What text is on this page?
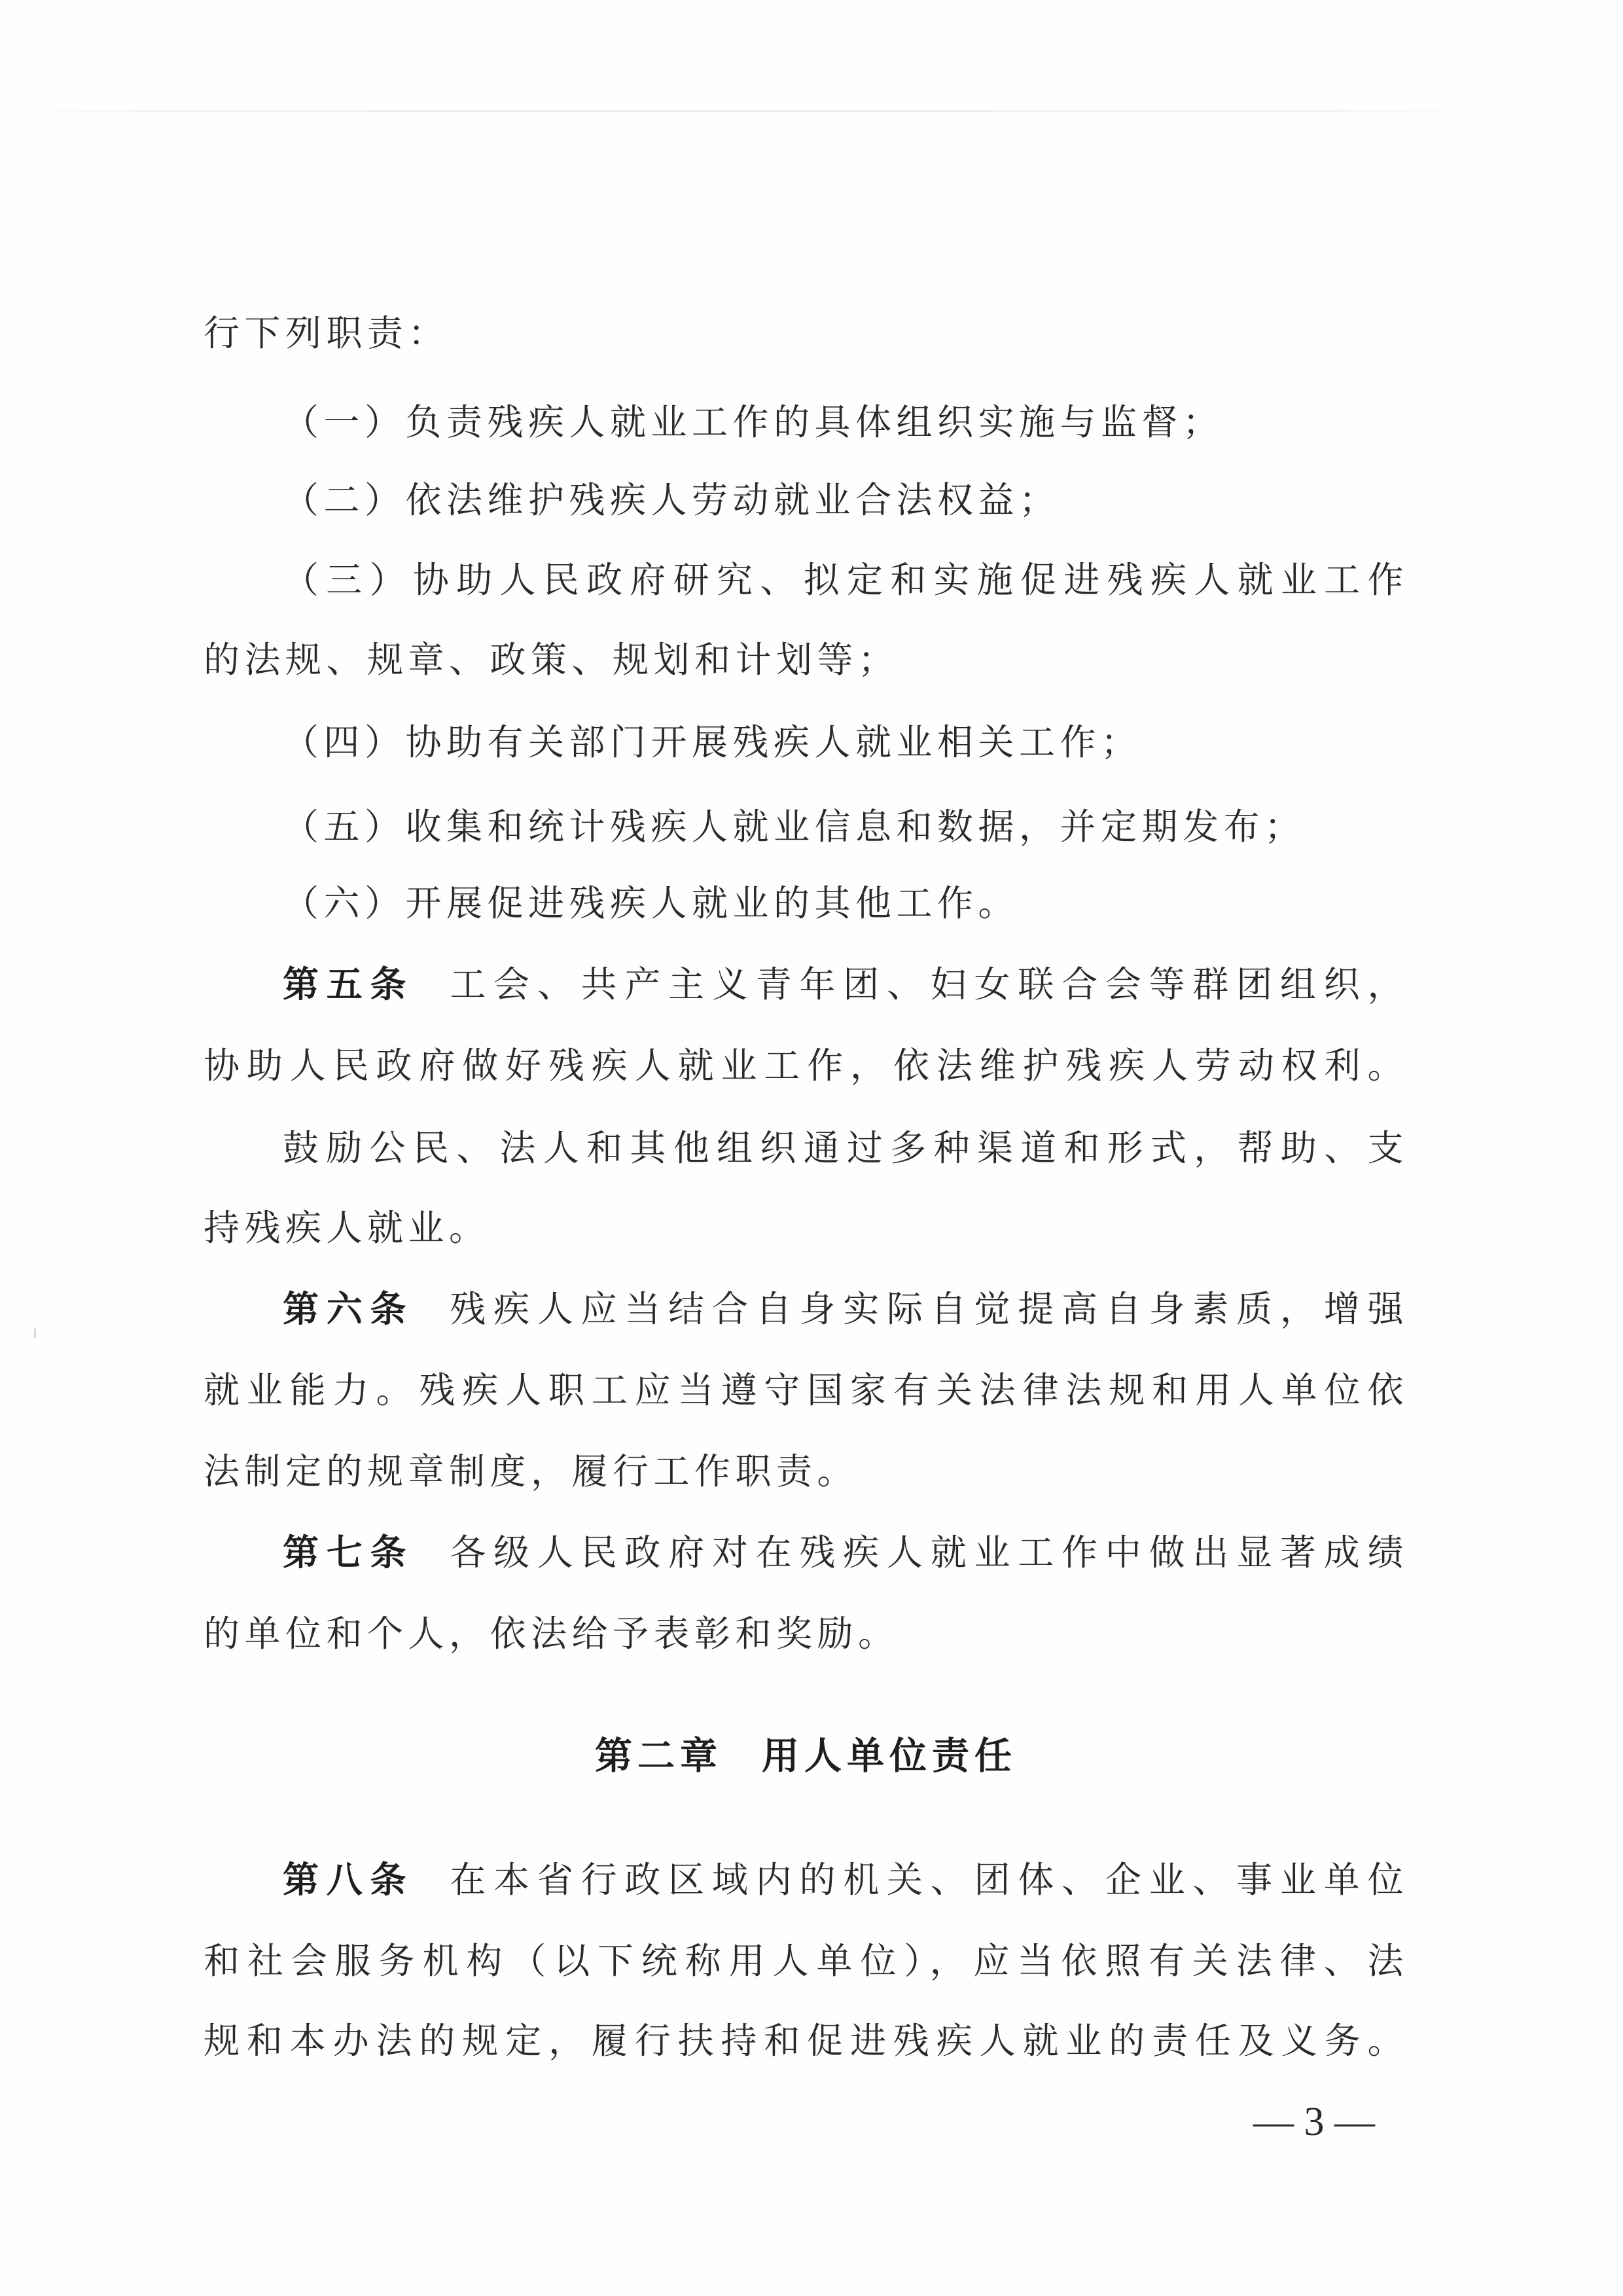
行下列职责：
（一）负责残疾人就业工作的具体组织实施与监督；
（二）依法维护残疾人劳动就业合法权益；
（三）协助人民政府研究、拟定和实施促进残疾人就业工作
的法规、规章、政策、规划和计划等；
（四）协助有关部门开展残疾人就业相关工作；
（五）收集和统计残疾人就业信息和数据，并定期发布；
（六）开展促进残疾人就业的其他工作。
第五条 工会、共产主义青年团、妇女联合会等群团组织，
协助人民政府做好残疾人就业工作，依法维护残疾人劳动权利。
鼓励公民、法人和其他组织通过多种渠道和形式，帮助、支
持残疾人就业。
第六条 残疾人应当结合自身实际自觉提高自身素质，增强
就业能力。残疾人职工应当遵守国家有关法律法规和用人单位依
法制定的规章制度，履行工作职责。
第七条 各级人民政府对在残疾人就业工作中做出显著成绩
的单位和个人，依法给予表彰和奖励。
第二章 用人单位责任
第八条 在本省行政区域内的机关、团体、企业、事业单位
和社会服务机构（以下统称用人单位），应当依照有关法律、法
规和本办法的规定，履行扶持和促进残疾人就业的责任及义务。
— 3 —
